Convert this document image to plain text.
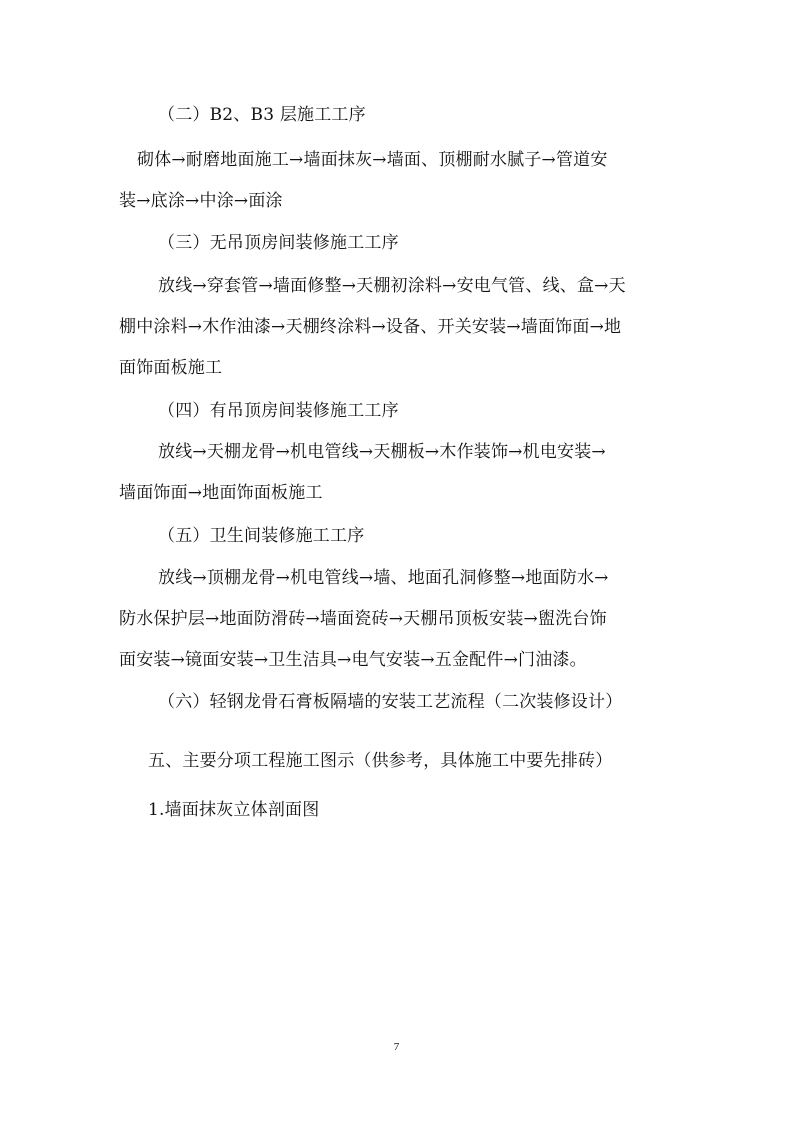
（二）B2、B3 层施工工序
砌体→耐磨地面施工→墙面抹灰→墙面、顶棚耐水腻子→管道安
装→底涂→中涂→面涂
（三）无吊顶房间装修施工工序
放线→穿套管→墙面修整→天棚初涂料→安电气管、线、盒→天
棚中涂料→木作油漆→天棚终涂料→设备、开关安装→墙面饰面→地
面饰面板施工
（四）有吊顶房间装修施工工序
放线→天棚龙骨→机电管线→天棚板→木作装饰→机电安装→
墙面饰面→地面饰面板施工
（五）卫生间装修施工工序
放线→顶棚龙骨→机电管线→墙、地面孔洞修整→地面防水→
防水保护层→地面防滑砖→墙面瓷砖→天棚吊顶板安装→盥洗台饰
面安装→镜面安装→卫生洁具→电气安装→五金配件→门油漆。
（六）轻钢龙骨石膏板隔墙的安装工艺流程（二次装修设计）
五、主要分项工程施工图示（供参考，具体施工中要先排砖）
1.墙面抹灰立体剖面图
7
